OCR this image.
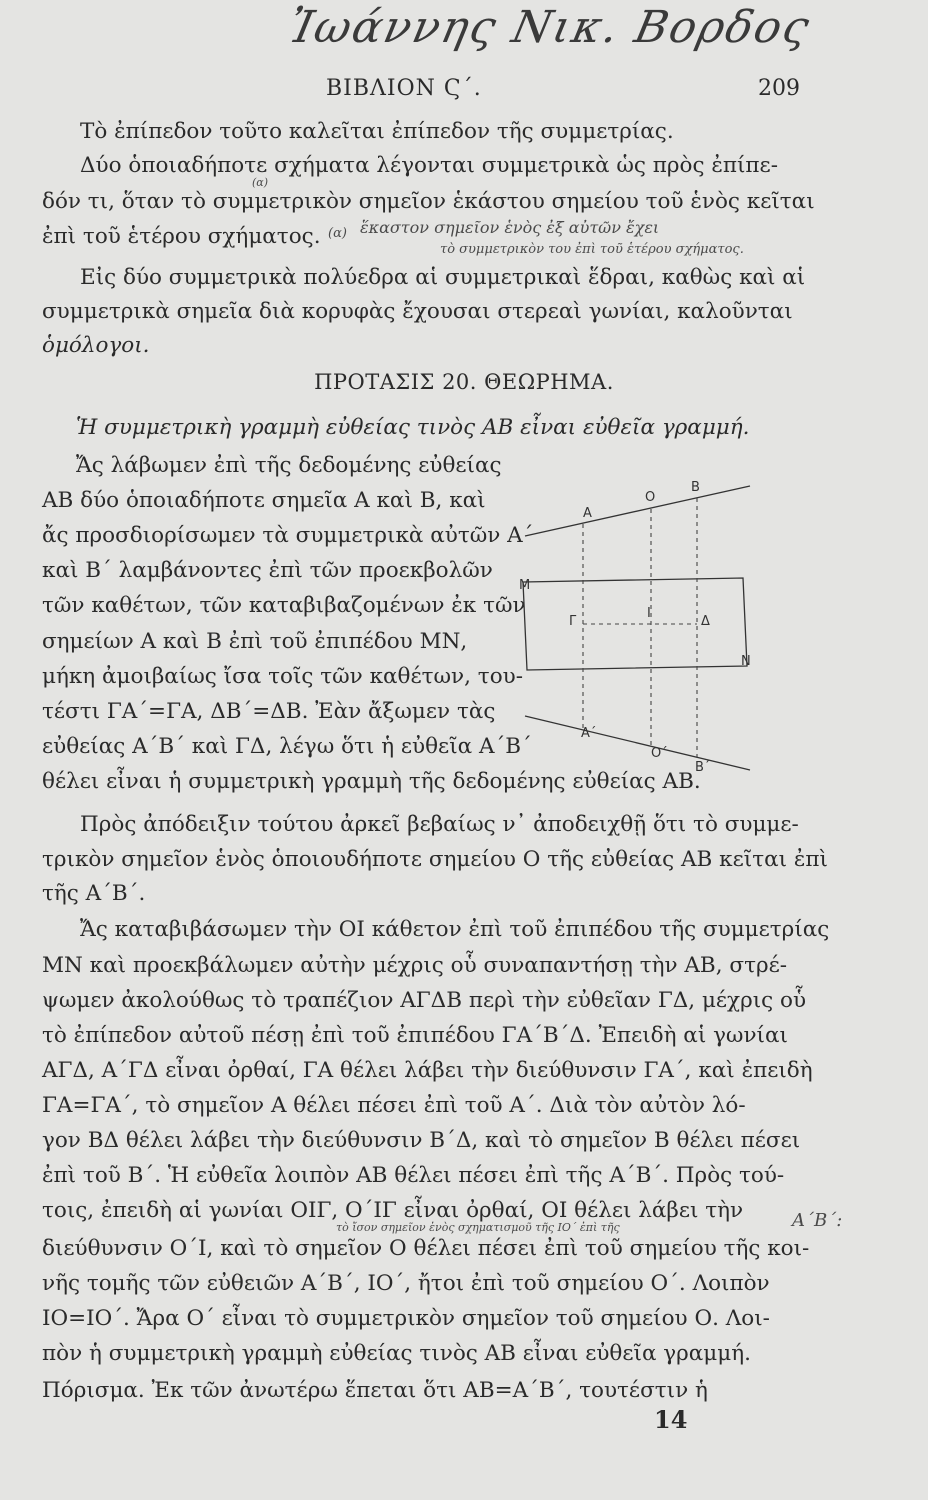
Ἰωάννης Νικ. Βορδος
ΒΙΒΛΙΟΝ Ϛ΄.	209
Τὸ ἐπίπεδον τοῦτο καλεῖται ἐπίπεδον τῆς συμμετρίας.
Δύο ὁποιαδήποτε σχήματα λέγονται συμμετρικὰ ὡς πρὸς ἐπίπε-
(α)
δόν τι, ὅταν τὸ συμμετρικὸν σημεῖον ἑκάστου σημείου τοῦ ἑνὸς κεῖται
ἐπὶ τοῦ ἑτέρου σχήματος. (α) ἕκαστον σημεῖον ἑνὸς ἐξ αὐτῶν ἔχει
τὸ συμμετρικὸν του ἐπὶ τοῦ ἑτέρου σχήματος.
Εἰς δύο συμμετρικὰ πολύεδρα αἱ συμμετρικαὶ ἕδραι, καθὼς καὶ αἱ
συμμετρικὰ σημεῖα διὰ κορυφὰς ἔχουσαι στερεαὶ γωνίαι, καλοῦνται
ὁμόλογοι.
ΠΡΟΤΑΣΙΣ 20. ΘΕΩΡΗΜΑ.
Ἡ συμμετρικὴ γραμμὴ εὐθείας τινὸς ΑΒ εἶναι εὐθεῖα γραμμή.
Ἄς λάβωμεν ἐπὶ τῆς δεδομένης εὐθείας
ΑΒ δύο ὁποιαδήποτε σημεῖα Α καὶ Β, καὶ
ἄς προσδιορίσωμεν τὰ συμμετρικὰ αὐτῶν Α΄
καὶ Β΄ λαμβάνοντες ἐπὶ τῶν προεκβολῶν
τῶν καθέτων, τῶν καταβιβαζομένων ἐκ τῶν
σημείων Α καὶ Β ἐπὶ τοῦ ἐπιπέδου ΜΝ,
μήκη ἀμοιβαίως ἴσα τοῖς τῶν καθέτων, του-
τέστι ΓΑ΄=ΓΑ, ΔΒ΄=ΔΒ. Ἐὰν ἄξωμεν τὰς
εὐθείας Α΄Β΄ καὶ ΓΔ, λέγω ὅτι ἡ εὐθεῖα Α΄Β΄
θέλει εἶναι ἡ συμμετρικὴ γραμμὴ τῆς δεδομένης εὐθείας ΑΒ.
Α
Ο
Β
Μ
Γ
Ι
Δ
Ν
Α΄
Ο΄
Β΄
Πρὸς ἀπόδειξιν τούτου ἀρκεῖ βεβαίως ν᾽ ἀποδειχθῇ ὅτι τὸ συμμε-
τρικὸν σημεῖον ἑνὸς ὁποιουδήποτε σημείου Ο τῆς εὐθείας ΑΒ κεῖται ἐπὶ
τῆς Α΄Β΄.
Ἄς καταβιβάσωμεν τὴν ΟΙ κάθετον ἐπὶ τοῦ ἐπιπέδου τῆς συμμετρίας
ΜΝ καὶ προεκβάλωμεν αὐτὴν μέχρις οὗ συναπαντήσῃ τὴν ΑΒ, στρέ-
ψωμεν ἀκολούθως τὸ τραπέζιον ΑΓΔΒ περὶ τὴν εὐθεῖαν ΓΔ, μέχρις οὗ
τὸ ἐπίπεδον αὐτοῦ πέσῃ ἐπὶ τοῦ ἐπιπέδου ΓΑ΄Β΄Δ. Ἐπειδὴ αἱ γωνίαι
ΑΓΔ, Α΄ΓΔ εἶναι ὀρθαί, ΓΑ θέλει λάβει τὴν διεύθυνσιν ΓΑ΄, καὶ ἐπειδὴ
ΓΑ=ΓΑ΄, τὸ σημεῖον Α θέλει πέσει ἐπὶ τοῦ Α΄. Διὰ τὸν αὐτὸν λό-
γον ΒΔ θέλει λάβει τὴν διεύθυνσιν Β΄Δ, καὶ τὸ σημεῖον Β θέλει πέσει
ἐπὶ τοῦ Β΄. Ἡ εὐθεῖα λοιπὸν ΑΒ θέλει πέσει ἐπὶ τῆς Α΄Β΄. Πρὸς τού-
τοις, ἐπειδὴ αἱ γωνίαι ΟΙΓ, Ο΄ΙΓ εἶναι ὀρθαί, ΟΙ θέλει λάβει τὴν
τὸ ἴσον σημεῖον ἑνὸς σχηματισμοῦ τῆς ΙΟ΄ ἐπὶ τῆς	Α΄Β΄:
διεύθυνσιν Ο΄Ι, καὶ τὸ σημεῖον Ο θέλει πέσει ἐπὶ τοῦ σημείου τῆς κοι-
νῆς τομῆς τῶν εὐθειῶν Α΄Β΄, ΙΟ΄, ἤτοι ἐπὶ τοῦ σημείου Ο΄. Λοιπὸν
ΙΟ=ΙΟ΄. Ἄρα Ο΄ εἶναι τὸ συμμετρικὸν σημεῖον τοῦ σημείου Ο. Λοι-
πὸν ἡ συμμετρικὴ γραμμὴ εὐθείας τινὸς ΑΒ εἶναι εὐθεῖα γραμμή.
Πόρισμα. Ἐκ τῶν ἀνωτέρω ἕπεται ὅτι ΑΒ=Α΄Β΄, τουτέστιν ἡ
14
